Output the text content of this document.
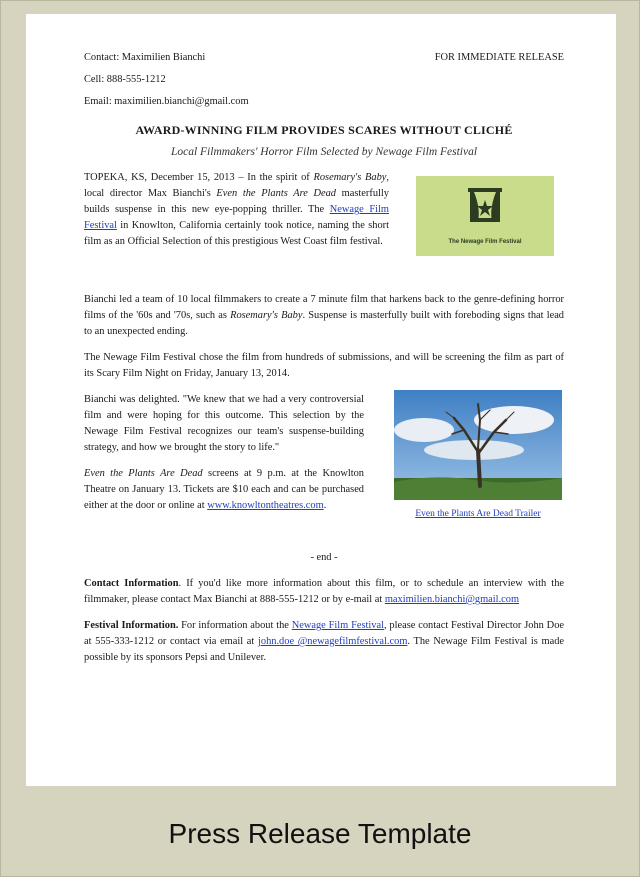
Contact: Maximilien Bianchi	FOR IMMEDIATE RELEASE
Cell: 888-555-1212
Email: maximilien.bianchi@gmail.com
AWARD-WINNING FILM PROVIDES SCARES WITHOUT CLICHÉ
Local Filmmakers' Horror Film Selected by Newage Film Festival

TOPEKA, KS, December 15, 2013 – In the spirit of Rosemary's Baby, local director Max Bianchi's Even the Plants Are Dead masterfully builds suspense in this new eye-popping thriller. The Newage Film Festival in Knowlton, California certainly took notice, naming the short film as an Official Selection of this prestigious West Coast film festival.	The Newage Film Festival

Bianchi led a team of 10 local filmmakers to create a 7 minute film that harkens back to the genre-defining horror films of the '60s and '70s, such as Rosemary's Baby. Suspense is masterfully built with foreboding signs that lead to an unexpected ending.

The Newage Film Festival chose the film from hundreds of submissions, and will be screening the film as part of its Scary Film Night on Friday, January 13, 2014.

Bianchi was delighted. "We knew that we had a very controversial film and were hoping for this outcome. This selection by the Newage Film Festival recognizes our team's suspense-building strategy, and how we brought the story to life."

Even the Plants Are Dead screens at 9 p.m. at the Knowlton Theatre on January 13. Tickets are $10 each and can be purchased either at the door or online at www.knowltontheatres.com.

Even the Plants Are Dead Trailer
- end -

Contact Information. If you'd like more information about this film, or to schedule an interview with the filmmaker, please contact Max Bianchi at 888-555-1212 or by e-mail at maximilien.bianchi@gmail.com

Festival Information. For information about the Newage Film Festival, please contact Festival Director John Doe at 555-333-1212 or contact via email at john.doe @newagefilmfestival.com. The Newage Film Festival is made possible by its sponsors Pepsi and Unilever.

Press Release Template
